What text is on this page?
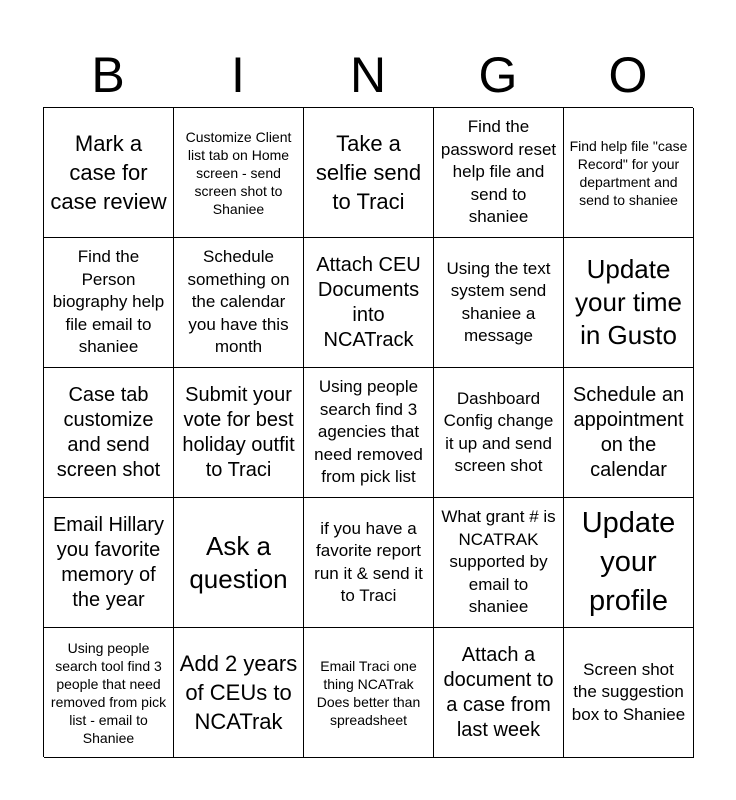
B	I	N	G	O
Mark a case for case review
Customize Client list tab on Home screen - send screen shot to Shaniee
Take a selfie send to Traci
Find the password reset help file and send to shaniee
Find help file "case Record" for your department and send to shaniee
Find the Person biography help file email to shaniee
Schedule something on the calendar you have this month
Attach CEU Documents into NCATrack
Using the text system send shaniee a message
Update your time in Gusto
Case tab customize and send screen shot
Submit your vote for best holiday outfit to Traci
Using people search find 3 agencies that need removed from pick list
Dashboard Config change it up and send screen shot
Schedule an appointment on the calendar
Email Hillary you favorite memory of the year
Ask a question
if you have a favorite report run it & send it to Traci
What grant # is NCATRAK supported by email to shaniee
Update your profile
Using people search tool find 3 people that need removed from pick list - email to Shaniee
Add 2 years of CEUs to NCATrak
Email Traci one thing NCATrak Does better than spreadsheet
Attach a document to a case from last week
Screen shot the suggestion box to Shaniee
